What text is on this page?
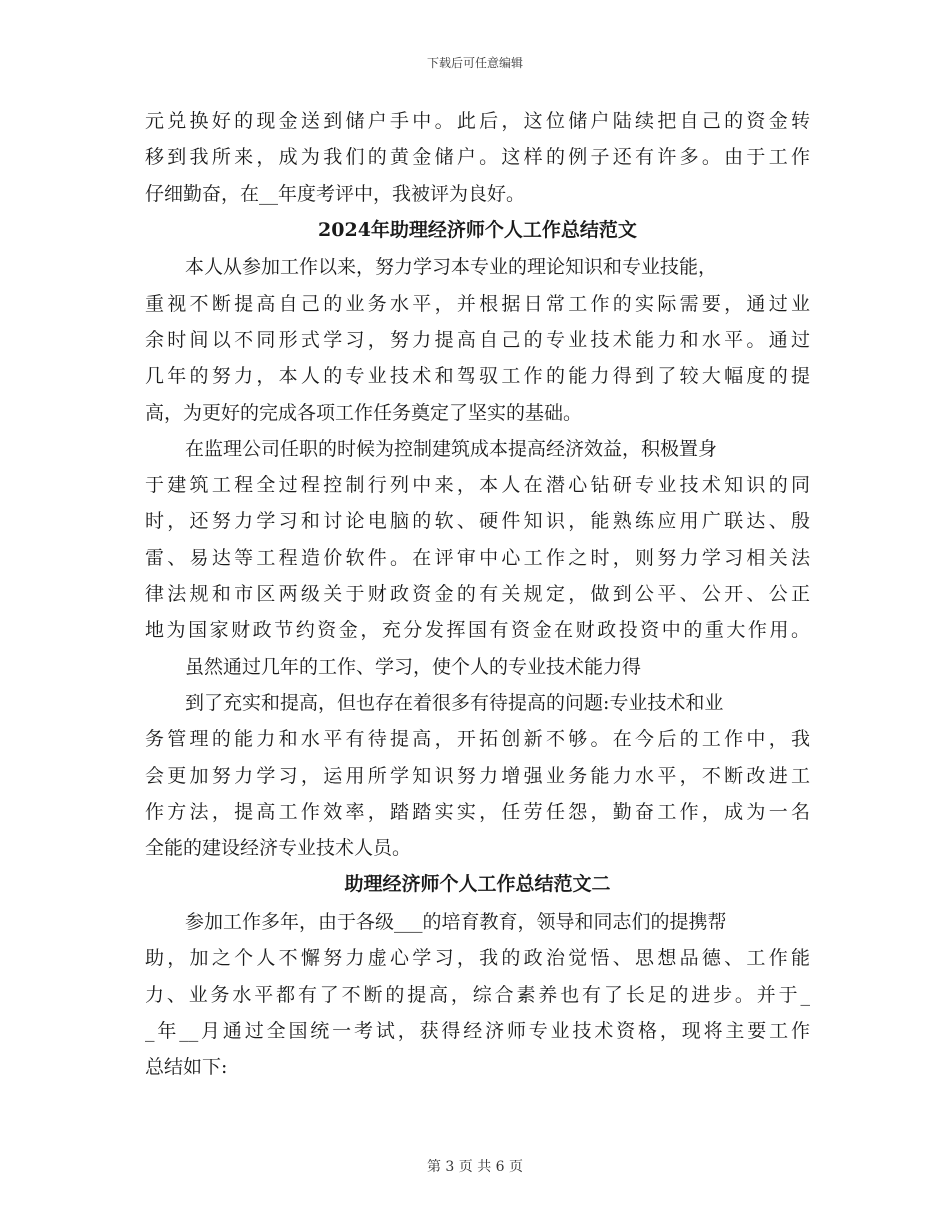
下载后可任意编辑
元兑换好的现金送到储户手中。此后，这位储户陆续把自己的资金转
移到我所来，成为我们的黄金储户。这样的例子还有许多。由于工作
仔细勤奋，在__年度考评中，我被评为良好。
2024年助理经济师个人工作总结范文
本人从参加工作以来，努力学习本专业的理论知识和专业技能，
重视不断提高自己的业务水平，并根据日常工作的实际需要，通过业
余时间以不同形式学习，努力提高自己的专业技术能力和水平。通过
几年的努力，本人的专业技术和驾驭工作的能力得到了较大幅度的提
高，为更好的完成各项工作任务奠定了坚实的基础。
在监理公司任职的时候为控制建筑成本提高经济效益，积极置身
于建筑工程全过程控制行列中来，本人在潜心钻研专业技术知识的同
时，还努力学习和讨论电脑的软、硬件知识，能熟练应用广联达、殷
雷、易达等工程造价软件。在评审中心工作之时，则努力学习相关法
律法规和市区两级关于财政资金的有关规定，做到公平、公开、公正
地为国家财政节约资金，充分发挥国有资金在财政投资中的重大作用。
虽然通过几年的工作、学习，使个人的专业技术能力得
到了充实和提高，但也存在着很多有待提高的问题:专业技术和业
务管理的能力和水平有待提高，开拓创新不够。在今后的工作中，我
会更加努力学习，运用所学知识努力增强业务能力水平，不断改进工
作方法，提高工作效率，踏踏实实，任劳任怨，勤奋工作，成为一名
全能的建设经济专业技术人员。
助理经济师个人工作总结范文二
参加工作多年，由于各级___的培育教育，领导和同志们的提携帮
助，加之个人不懈努力虚心学习，我的政治觉悟、思想品德、工作能
力、业务水平都有了不断的提高，综合素养也有了长足的进步。并于_
_年__月通过全国统一考试，获得经济师专业技术资格，现将主要工作
总结如下:
第 3 页 共 6 页
